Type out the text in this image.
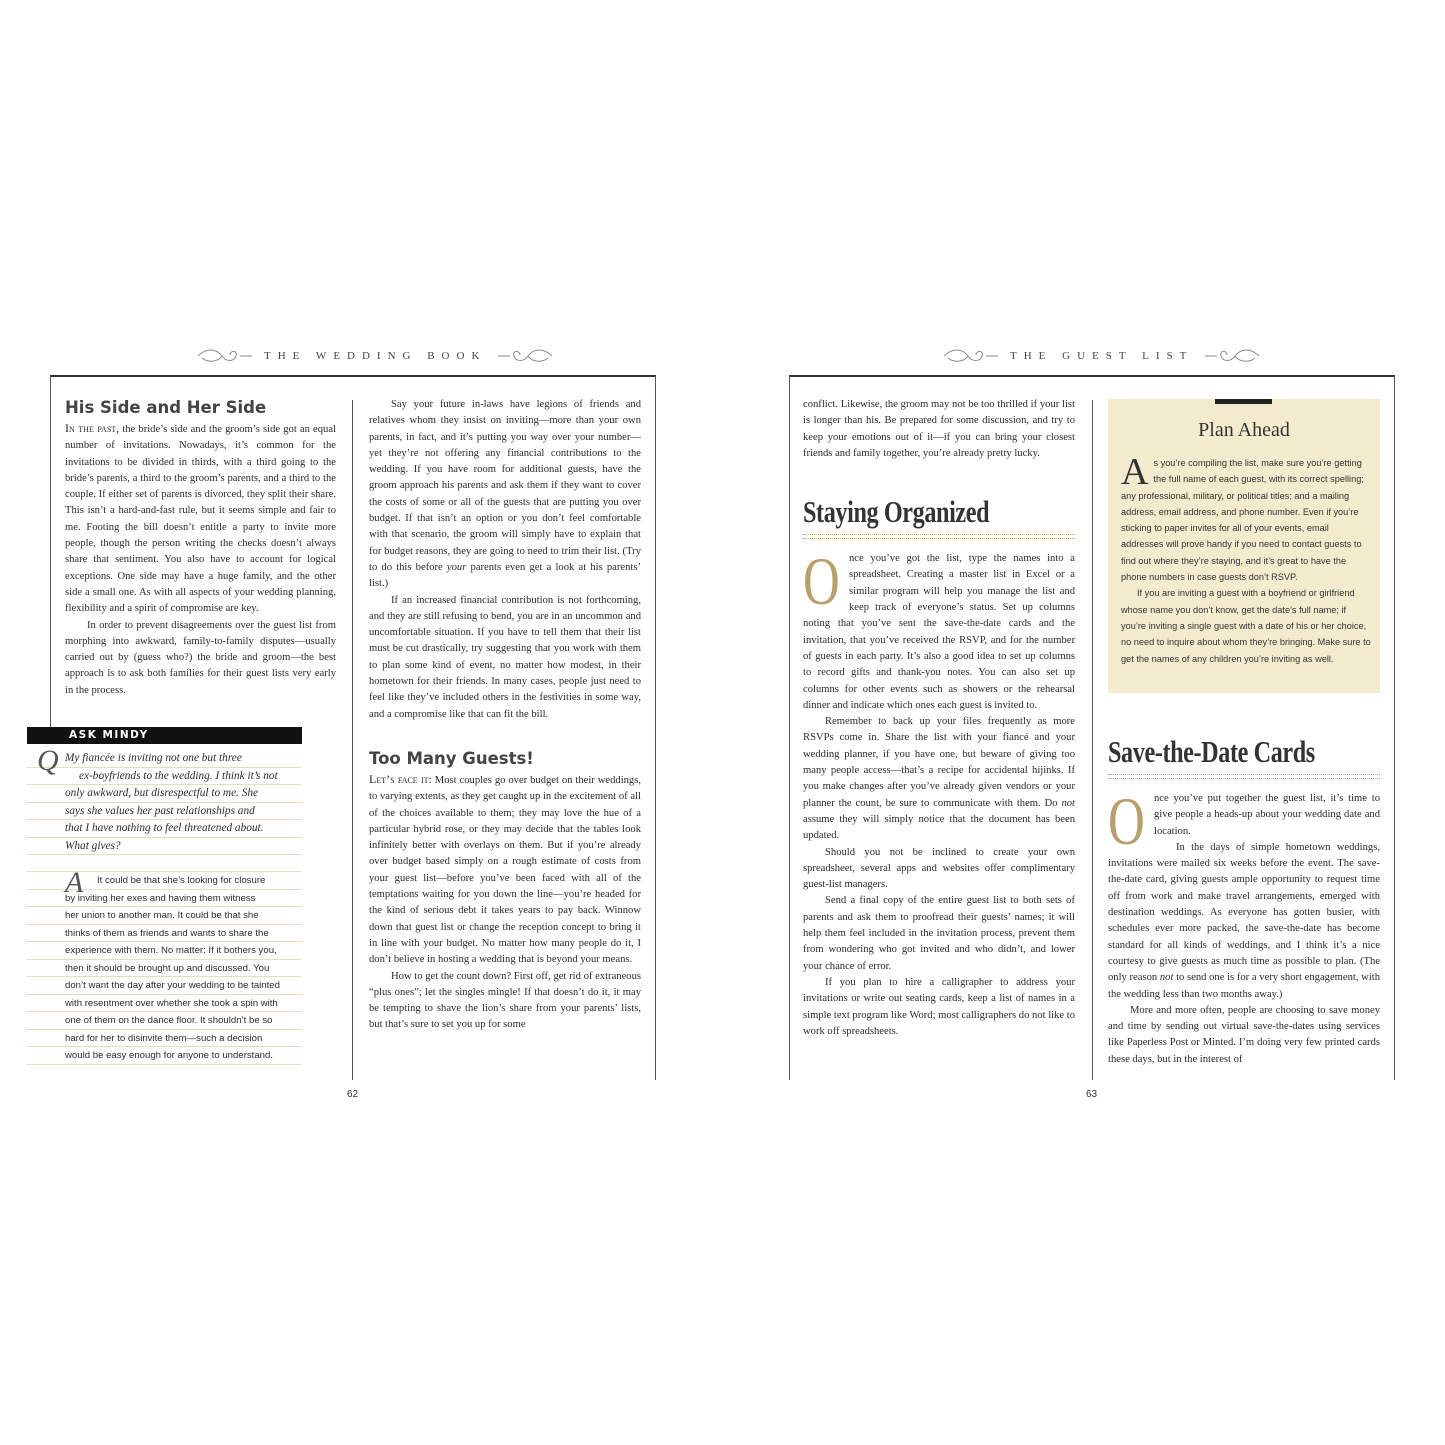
THE WEDDING BOOK	THE GUEST LIST
His Side and Her Side

In the past, the bride’s side and the groom’s side got an equal number of invitations. Nowadays, it’s common for the invitations to be divided in thirds, with a third going to the bride’s parents, a third to the groom’s parents, and a third to the couple. If either set of parents is divorced, they split their share. This isn’t a hard-and-fast rule, but it seems simple and fair to me. Footing the bill doesn’t entitle a party to invite more people, though the person writing the checks doesn’t always share that sentiment. You also have to account for logical exceptions. One side may have a huge family, and the other side a small one. As with all aspects of your wedding planning, flexibility and a spirit of compromise are key.

In order to prevent disagreements over the guest list from morphing into awkward, family-to-family disputes—usually carried out by (guess who?) the bride and groom—the best approach is to ask both families for their guest lists very early in the process.

ASK MINDY
Q My fiancée is inviting not one but three
ex-boyfriends to the wedding. I think it’s not
only awkward, but disrespectful to me. She
says she values her past relationships and
that I have nothing to feel threatened about.
What gives?
A	It could be that she’s looking for closure
by inviting her exes and having them witness
her union to another man. It could be that she
thinks of them as friends and wants to share the
experience with them. No matter: If it bothers you,
then it should be brought up and discussed. You
don’t want the day after your wedding to be tainted
with resentment over whether she took a spin with
one of them on the dance floor. It shouldn’t be so
hard for her to disinvite them—such a decision
would be easy enough for anyone to understand.

Say your future in-laws have legions of friends and relatives whom they insist on inviting—more than your own parents, in fact, and it’s putting you way over your number—yet they’re not offering any financial contributions to the wedding. If you have room for additional guests, have the groom approach his parents and ask them if they want to cover the costs of some or all of the guests that are putting you over budget. If that isn’t an option or you don’t feel comfortable with that scenario, the groom will simply have to explain that for budget reasons, they are going to need to trim their list. (Try to do this before your parents even get a look at his parents’ list.)

If an increased financial contribution is not forthcoming, and they are still refusing to bend, you are in an uncommon and uncomfortable situation. If you have to tell them that their list must be cut drastically, try suggesting that you work with them to plan some kind of event, no matter how modest, in their hometown for their friends. In many cases, people just need to feel like they’ve included others in the festivities in some way, and a compromise like that can fit the bill.

Too Many Guests!

Let’s face it: Most couples go over budget on their weddings, to varying extents, as they get caught up in the excitement of all of the choices available to them; they may love the hue of a particular hybrid rose, or they may decide that the tables look infinitely better with overlays on them. But if you’re already over budget based simply on a rough estimate of costs from your guest list—before you’ve been faced with all of the temptations waiting for you down the line—you’re headed for the kind of serious debt it takes years to pay back. Winnow down that guest list or change the reception concept to bring it in line with your budget. No matter how many people do it, I don’t believe in hosting a wedding that is beyond your means.

How to get the count down? First off, get rid of extraneous “plus ones”; let the singles mingle! If that doesn’t do it, it may be tempting to shave the lion’s share from your parents’ lists, but that’s sure to set you up for some

62

conflict. Likewise, the groom may not be too thrilled if your list is longer than his. Be prepared for some discussion, and try to keep your emotions out of it—if you can bring your closest friends and family together, you’re already pretty lucky.

Staying Organized

Once you’ve got the list, type the names into a spreadsheet. Creating a master list in Excel or a similar program will help you manage the list and keep track of everyone’s status. Set up columns noting that you’ve sent the save-the-date cards and the invitation, that you’ve received the RSVP, and for the number of guests in each party. It’s also a good idea to set up columns to record gifts and thank-you notes. You can also set up columns for other events such as showers or the rehearsal dinner and indicate which ones each guest is invited to.

Remember to back up your files frequently as more RSVPs come in. Share the list with your fiancé and your wedding planner, if you have one, but beware of giving too many people access—that’s a recipe for accidental hijinks. If you make changes after you’ve already given vendors or your planner the count, be sure to communicate with them. Do not assume they will simply notice that the document has been updated.

Should you not be inclined to create your own spreadsheet, several apps and websites offer complimentary guest-list managers.

Send a final copy of the entire guest list to both sets of parents and ask them to proofread their guests’ names; it will help them feel included in the invitation process, prevent them from wondering who got invited and who didn’t, and lower your chance of error.

If you plan to hire a calligrapher to address your invitations or write out seating cards, keep a list of names in a simple text program like Word; most calligraphers do not like to work off spreadsheets.

Plan Ahead

As you’re compiling the list, make sure you’re getting the full name of each guest, with its correct spelling; any professional, military, or political titles; and a mailing address, email address, and phone number. Even if you’re sticking to paper invites for all of your events, email addresses will prove handy if you need to contact guests to find out where they’re staying, and it’s great to have the phone numbers in case guests don’t RSVP.

If you are inviting a guest with a boyfriend or girlfriend whose name you don’t know, get the date’s full name; if you’re inviting a single guest with a date of his or her choice, no need to inquire about whom they’re bringing. Make sure to get the names of any children you’re inviting as well.

Save-the-Date Cards

Once you’ve put together the guest list, it’s time to give people a heads-up about your wedding date and location.

In the days of simple hometown weddings, invitations were mailed six weeks before the event. The save-the-date card, giving guests ample opportunity to request time off from work and make travel arrangements, emerged with destination weddings. As everyone has gotten busier, with schedules ever more packed, the save-the-date has become standard for all kinds of weddings, and I think it’s a nice courtesy to give guests as much time as possible to plan. (The only reason not to send one is for a very short engagement, with the wedding less than two months away.)

More and more often, people are choosing to save money and time by sending out virtual save-the-dates using services like Paperless Post or Minted. I’m doing very few printed cards these days, but in the interest of

63
